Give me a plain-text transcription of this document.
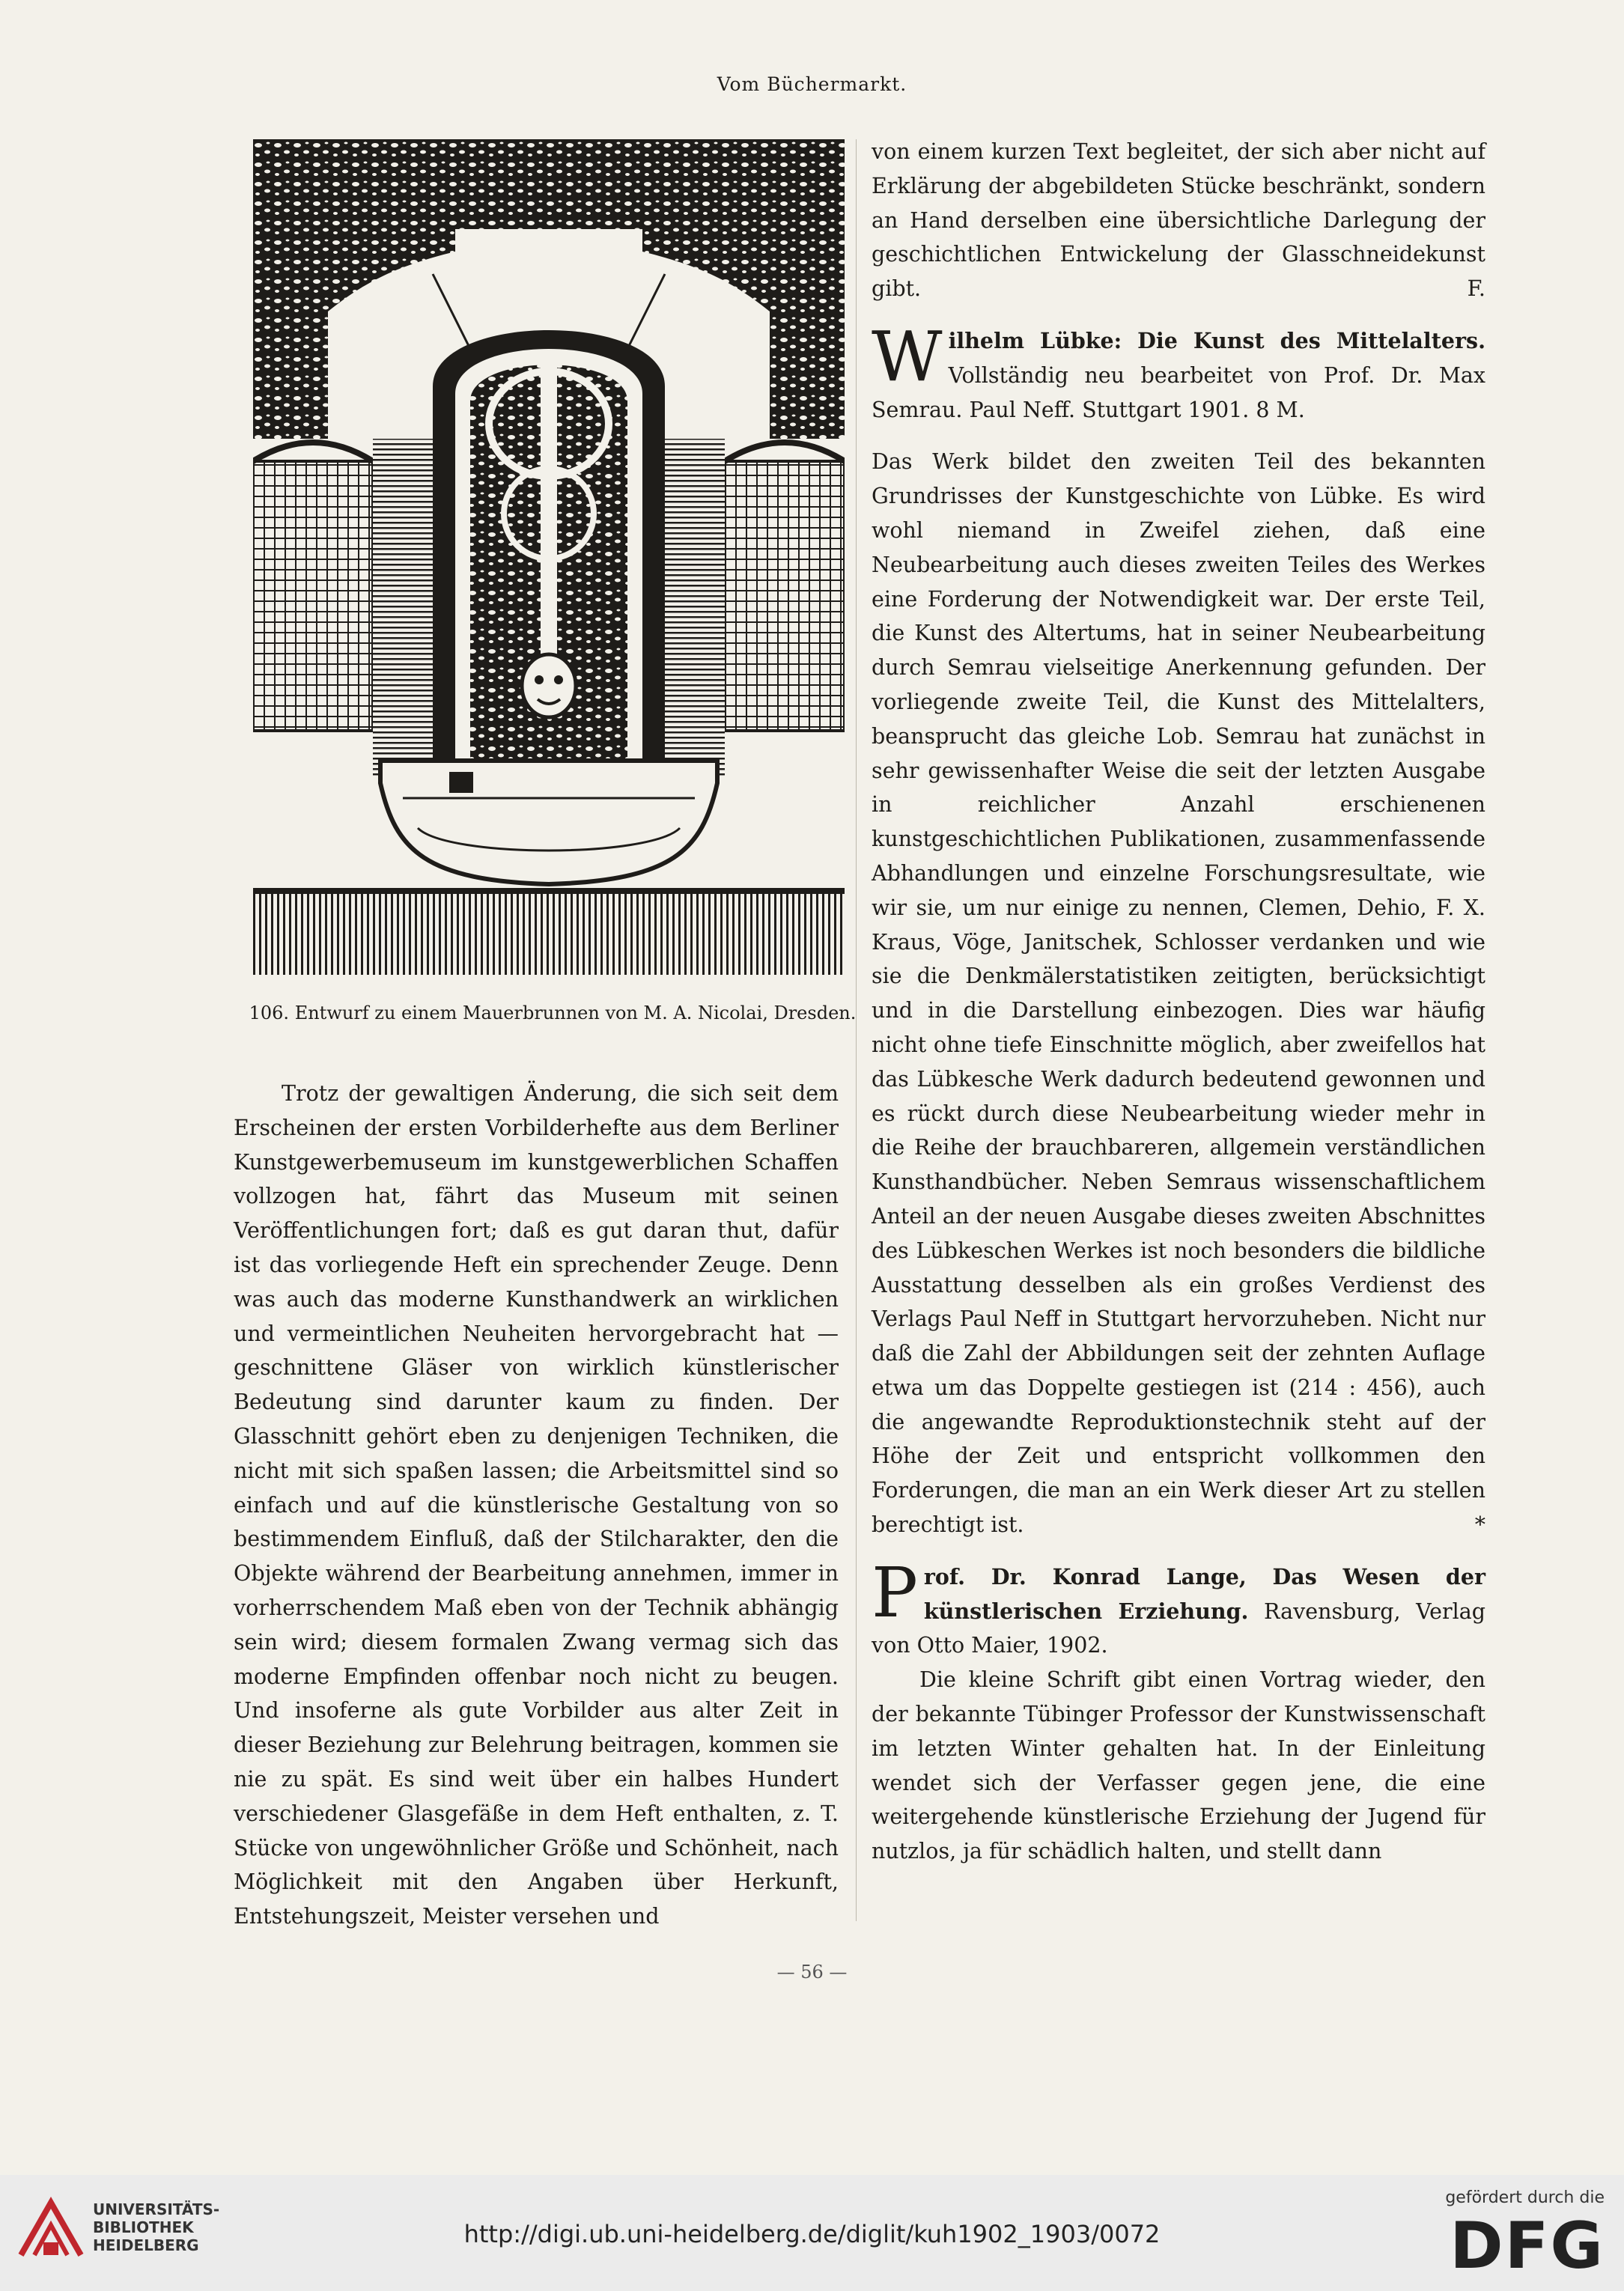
Vom Büchermarkt.
106. Entwurf zu einem Mauerbrunnen von M. A. Nicolai, Dresden.

Trotz der gewaltigen Änderung, die sich seit dem Erscheinen der ersten Vorbilderhefte aus dem Berliner Kunstgewerbemuseum im kunstgewerblichen Schaffen vollzogen hat, fährt das Museum mit seinen Veröffentlichungen fort; daß es gut daran thut, dafür ist das vorliegende Heft ein sprechender Zeuge. Denn was auch das moderne Kunsthandwerk an wirklichen und vermeintlichen Neuheiten hervorgebracht hat — geschnittene Gläser von wirklich künstlerischer Bedeutung sind darunter kaum zu finden. Der Glasschnitt gehört eben zu denjenigen Techniken, die nicht mit sich spaßen lassen; die Arbeitsmittel sind so einfach und auf die künstlerische Gestaltung von so bestimmendem Einfluß, daß der Stilcharakter, den die Objekte während der Bearbeitung annehmen, immer in vorherrschendem Maß eben von der Technik abhängig sein wird; diesem formalen Zwang vermag sich das moderne Empfinden offenbar noch nicht zu beugen. Und insoferne als gute Vorbilder aus alter Zeit in dieser Beziehung zur Belehrung beitragen, kommen sie nie zu spät. Es sind weit über ein halbes Hundert verschiedener Glasgefäße in dem Heft enthalten, z. T. Stücke von ungewöhnlicher Größe und Schönheit, nach Möglichkeit mit den Angaben über Herkunft, Entstehungszeit, Meister versehen und

von einem kurzen Text begleitet, der sich aber nicht auf Erklärung der abgebildeten Stücke beschränkt, sondern an Hand derselben eine übersichtliche Darlegung der geschichtlichen Entwickelung der Glasschneidekunst gibt.	F.

Wilhelm Lübke: Die Kunst des Mittelalters. Vollständig neu bearbeitet von Prof. Dr. Max Semrau. Paul Neff. Stuttgart 1901. 8 M.

Das Werk bildet den zweiten Teil des bekannten Grundrisses der Kunstgeschichte von Lübke. Es wird wohl niemand in Zweifel ziehen, daß eine Neubearbeitung auch dieses zweiten Teiles des Werkes eine Forderung der Notwendigkeit war. Der erste Teil, die Kunst des Altertums, hat in seiner Neubearbeitung durch Semrau vielseitige Anerkennung gefunden. Der vorliegende zweite Teil, die Kunst des Mittelalters, beansprucht das gleiche Lob. Semrau hat zunächst in sehr gewissenhafter Weise die seit der letzten Ausgabe in reichlicher Anzahl erschienenen kunstgeschichtlichen Publikationen, zusammenfassende Abhandlungen und einzelne Forschungsresultate, wie wir sie, um nur einige zu nennen, Clemen, Dehio, F. X. Kraus, Vöge, Janitschek, Schlosser verdanken und wie sie die Denkmälerstatistiken zeitigten, berücksichtigt und in die Darstellung einbezogen. Dies war häufig nicht ohne tiefe Einschnitte möglich, aber zweifellos hat das Lübkesche Werk dadurch bedeutend gewonnen und es rückt durch diese Neubearbeitung wieder mehr in die Reihe der brauchbareren, allgemein verständlichen Kunsthandbücher. Neben Semraus wissenschaftlichem Anteil an der neuen Ausgabe dieses zweiten Abschnittes des Lübkeschen Werkes ist noch besonders die bildliche Ausstattung desselben als ein großes Verdienst des Verlags Paul Neff in Stuttgart hervorzuheben. Nicht nur daß die Zahl der Abbildungen seit der zehnten Auflage etwa um das Doppelte gestiegen ist (214 : 456), auch die angewandte Reproduktionstechnik steht auf der Höhe der Zeit und entspricht vollkommen den Forderungen, die man an ein Werk dieser Art zu stellen berechtigt ist.	*

Prof. Dr. Konrad Lange, Das Wesen der künstlerischen Erziehung. Ravensburg, Verlag von Otto Maier, 1902.

Die kleine Schrift gibt einen Vortrag wieder, den der bekannte Tübinger Professor der Kunstwissenschaft im letzten Winter gehalten hat. In der Einleitung wendet sich der Verfasser gegen jene, die eine weitergehende künstlerische Erziehung der Jugend für nutzlos, ja für schädlich halten, und stellt dann

— 56 —
UNIVERSITÄTS-
BIBLIOTHEK
HEIDELBERG	http://digi.ub.uni-heidelberg.de/diglit/kuh1902_1903/0072
gefördert durch die
DFG
